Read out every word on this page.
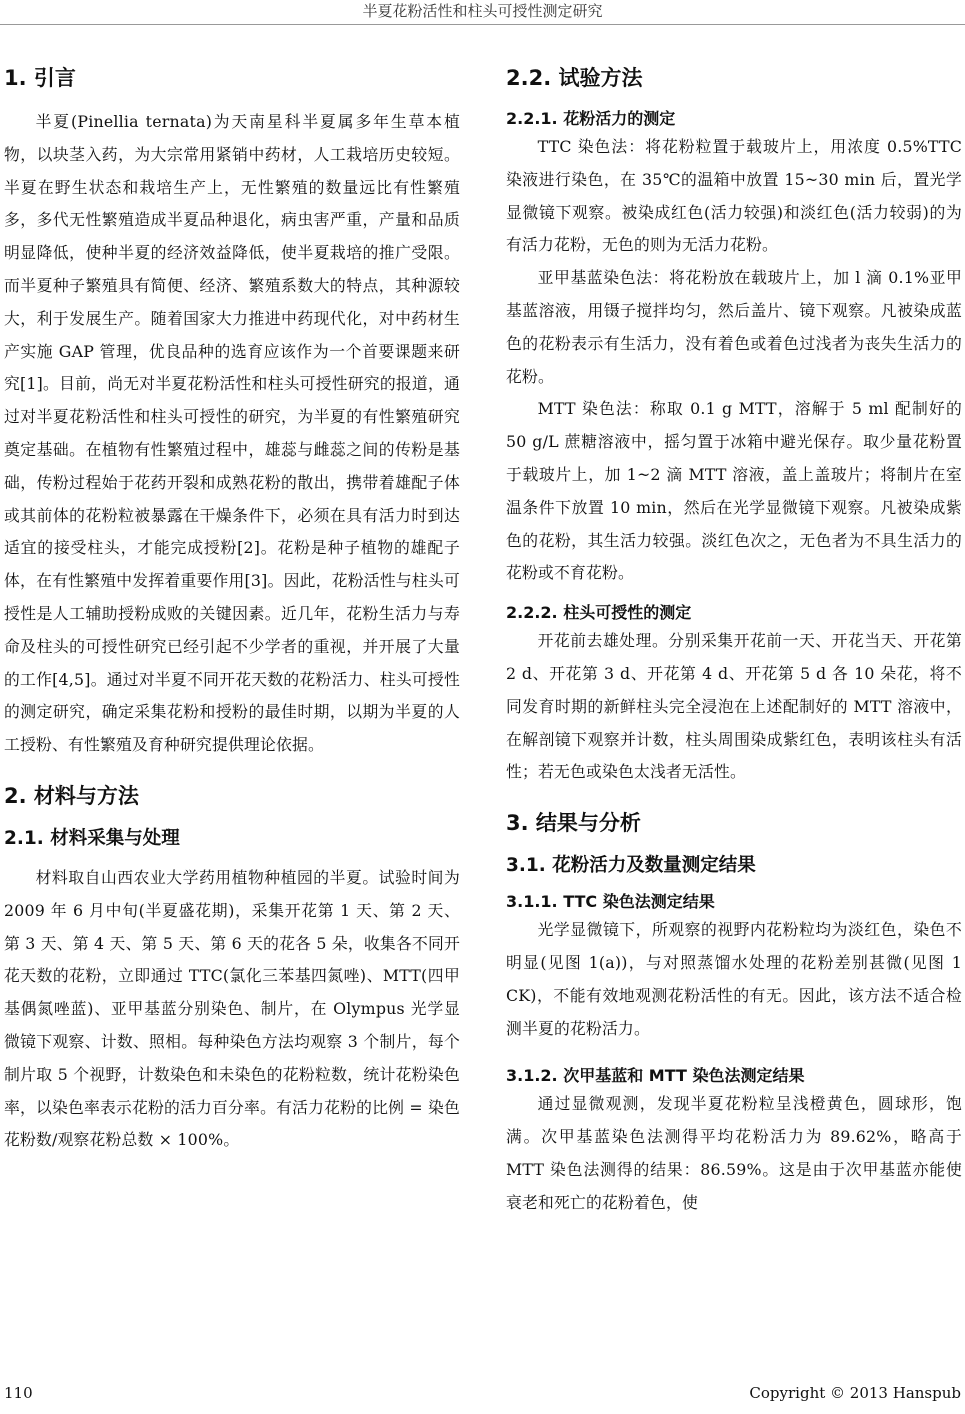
半夏花粉活性和柱头可授性测定研究
1. 引言

半夏(Pinellia ternata)为天南星科半夏属多年生草本植物，以块茎入药，为大宗常用紧销中药材，人工栽培历史较短。半夏在野生状态和栽培生产上，无性繁殖的数量远比有性繁殖多，多代无性繁殖造成半夏品种退化，病虫害严重，产量和品质明显降低，使种半夏的经济效益降低，使半夏栽培的推广受限。而半夏种子繁殖具有简便、经济、繁殖系数大的特点，其种源较大，利于发展生产。随着国家大力推进中药现代化，对中药材生产实施 GAP 管理，优良品种的选育应该作为一个首要课题来研究[1]。目前，尚无对半夏花粉活性和柱头可授性研究的报道，通过对半夏花粉活性和柱头可授性的研究，为半夏的有性繁殖研究奠定基础。在植物有性繁殖过程中，雄蕊与雌蕊之间的传粉是基础，传粉过程始于花药开裂和成熟花粉的散出，携带着雄配子体或其前体的花粉粒被暴露在干燥条件下，必须在具有活力时到达适宜的接受柱头，才能完成授粉[2]。花粉是种子植物的雄配子体，在有性繁殖中发挥着重要作用[3]。因此，花粉活性与柱头可授性是人工辅助授粉成败的关键因素。近几年，花粉生活力与寿命及柱头的可授性研究已经引起不少学者的重视，并开展了大量的工作[4,5]。通过对半夏不同开花天数的花粉活力、柱头可授性的测定研究，确定采集花粉和授粉的最佳时期，以期为半夏的人工授粉、有性繁殖及育种研究提供理论依据。

2. 材料与方法
2.1. 材料采集与处理

材料取自山西农业大学药用植物种植园的半夏。试验时间为 2009 年 6 月中旬(半夏盛花期)，采集开花第 1 天、第 2 天、第 3 天、第 4 天、第 5 天、第 6 天的花各 5 朵，收集各不同开花天数的花粉，立即通过 TTC(氯化三苯基四氮唑)、MTT(四甲基偶氮唑蓝)、亚甲基蓝分别染色、制片，在 Olympus 光学显微镜下观察、计数、照相。每种染色方法均观察 3 个制片，每个制片取 5 个视野，计数染色和未染色的花粉粒数，统计花粉染色率，以染色率表示花粉的活力百分率。有活力花粉的比例 = 染色花粉数/观察花粉总数 × 100%。

2.2. 试验方法
2.2.1. 花粉活力的测定

TTC 染色法：将花粉粒置于载玻片上，用浓度 0.5%TTC 染液进行染色，在 35℃的温箱中放置 15~30 min 后，置光学显微镜下观察。被染成红色(活力较强)和淡红色(活力较弱)的为有活力花粉，无色的则为无活力花粉。

亚甲基蓝染色法：将花粉放在载玻片上，加 l 滴 0.1%亚甲基蓝溶液，用镊子搅拌均匀，然后盖片、镜下观察。凡被染成蓝色的花粉表示有生活力，没有着色或着色过浅者为丧失生活力的花粉。

MTT 染色法：称取 0.1 g MTT，溶解于 5 ml 配制好的 50 g/L 蔗糖溶液中，摇匀置于冰箱中避光保存。取少量花粉置于载玻片上，加 1~2 滴 MTT 溶液，盖上盖玻片；将制片在室温条件下放置 10 min，然后在光学显微镜下观察。凡被染成紫色的花粉，其生活力较强。淡红色次之，无色者为不具生活力的花粉或不育花粉。

2.2.2. 柱头可授性的测定

开花前去雄处理。分别采集开花前一天、开花当天、开花第 2 d、开花第 3 d、开花第 4 d、开花第 5 d 各 10 朵花，将不同发育时期的新鲜柱头完全浸泡在上述配制好的 MTT 溶液中，在解剖镜下观察并计数，柱头周围染成紫红色，表明该柱头有活性；若无色或染色太浅者无活性。

3. 结果与分析
3.1. 花粉活力及数量测定结果
3.1.1. TTC 染色法测定结果

光学显微镜下，所观察的视野内花粉粒均为淡红色，染色不明显(见图 1(a))，与对照蒸馏水处理的花粉差别甚微(见图 1 CK)，不能有效地观测花粉活性的有无。因此，该方法不适合检测半夏的花粉活力。

3.1.2. 次甲基蓝和 MTT 染色法测定结果

通过显微观测，发现半夏花粉粒呈浅橙黄色，圆球形，饱满。次甲基蓝染色法测得平均花粉活力为 89.62%，略高于 MTT 染色法测得的结果：86.59%。这是由于次甲基蓝亦能使衰老和死亡的花粉着色，使

110	Copyright © 2013 Hanspub
